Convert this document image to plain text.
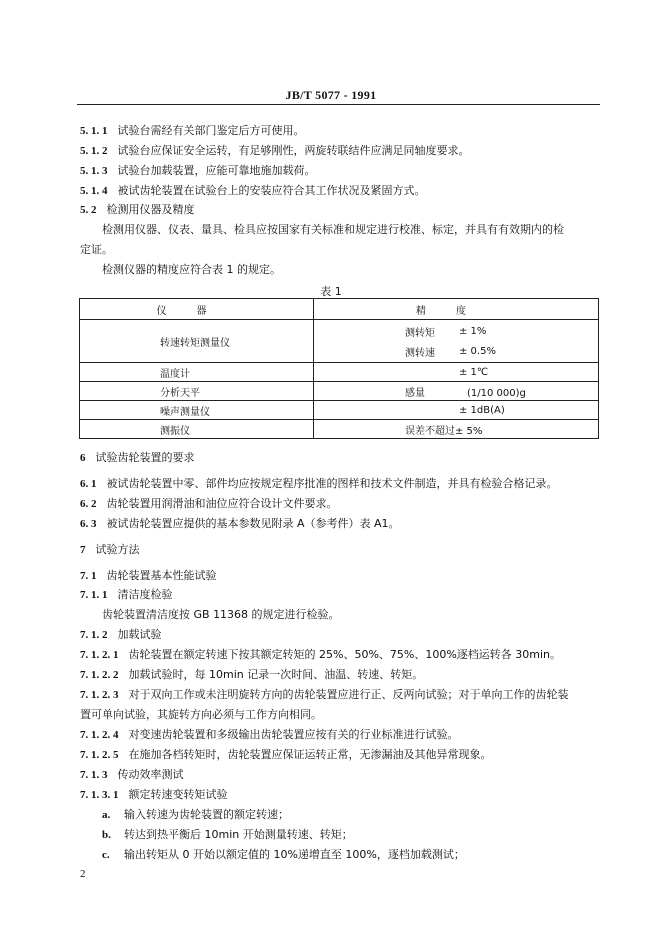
JB/T 5077 - 1991
5. 1. 1 试验台需经有关部门鉴定后方可使用。
5. 1. 2 试验台应保证安全运转，有足够刚性，两旋转联结件应满足同轴度要求。
5. 1. 3 试验台加载装置，应能可靠地施加载荷。
5. 1. 4 被试齿轮装置在试验台上的安装应符合其工作状况及紧固方式。
5. 2 检测用仪器及精度
检测用仪器、仪表、量具、检具应按国家有关标准和规定进行校准、标定，并具有有效期内的检
定证。
检测仪器的精度应符合表 1 的规定。
表 1
仪器	精度
转速转矩测量仪	测转矩 ± 1%
测转速 ± 0.5%

温度计	± 1℃
分析天平	感量 (1/10 000)g
噪声测量仪	± 1dB(A)
测振仪	误差不超过± 5%
6 试验齿轮装置的要求
6. 1 被试齿轮装置中零、部件均应按规定程序批准的图样和技术文件制造，并具有检验合格记录。
6. 2 齿轮装置用润滑油和油位应符合设计文件要求。
6. 3 被试齿轮装置应提供的基本参数见附录 A（参考件）表 A1。
7 试验方法
7. 1 齿轮装置基本性能试验
7. 1. 1 清洁度检验
齿轮装置清洁度按 GB 11368 的规定进行检验。
7. 1. 2 加载试验
7. 1. 2. 1 齿轮装置在额定转速下按其额定转矩的 25%、50%、75%、100%逐档运转各 30min。
7. 1. 2. 2 加载试验时，每 10min 记录一次时间、油温、转速、转矩。
7. 1. 2. 3 对于双向工作或未注明旋转方向的齿轮装置应进行正、反两向试验；对于单向工作的齿轮装
置可单向试验，其旋转方向必须与工作方向相同。
7. 1. 2. 4 对变速齿轮装置和多级输出齿轮装置应按有关的行业标准进行试验。
7. 1. 2. 5 在施加各档转矩时，齿轮装置应保证运转正常，无渗漏油及其他异常现象。
7. 1. 3 传动效率测试
7. 1. 3. 1 额定转速变转矩试验
a. 输入转速为齿轮装置的额定转速；
b. 转达到热平衡后 10min 开始测量转速、转矩；
c. 输出转矩从 0 开始以额定值的 10%递增直至 100%，逐档加载测试；
2
